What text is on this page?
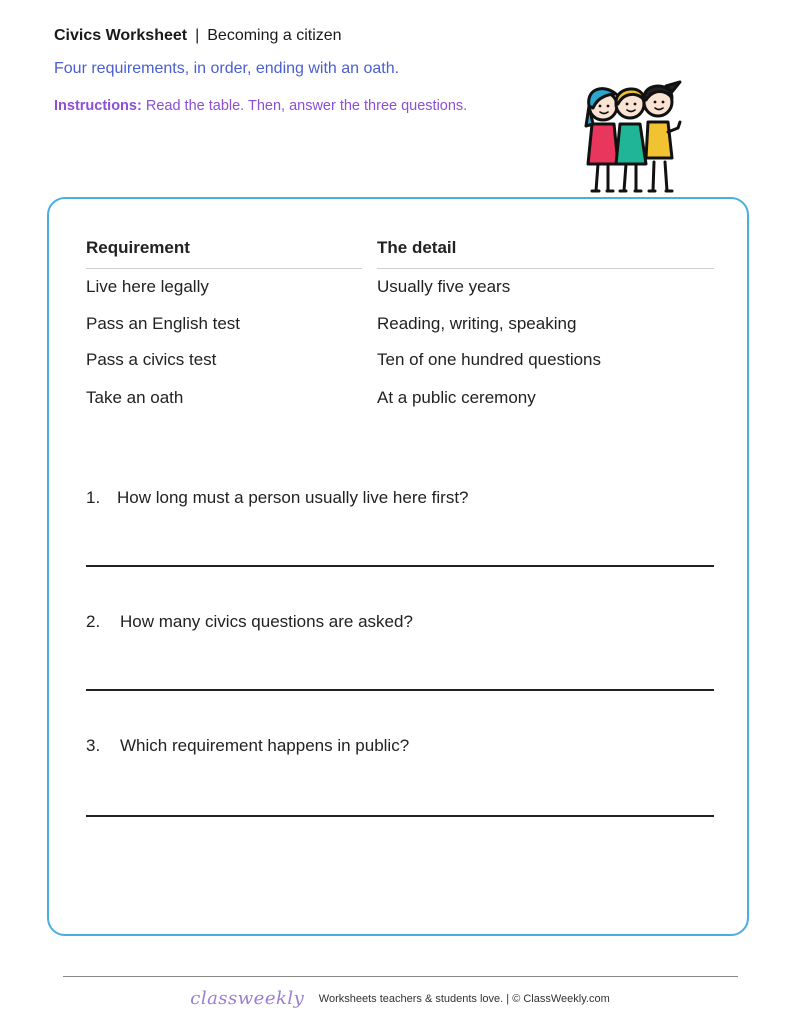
Civics Worksheet | Becoming a citizen
Four requirements, in order, ending with an oath.
Instructions: Read the table. Then, answer the three questions.
Requirement	The detail
Live here legally	Usually five years
Pass an English test	Reading, writing, speaking
Pass a civics test	Ten of one hundred questions
Take an oath	At a public ceremony
1. How long must a person usually live here first?
2. How many civics questions are asked?
3. Which requirement happens in public?
classweekly Worksheets teachers & students love. | © ClassWeekly.com
